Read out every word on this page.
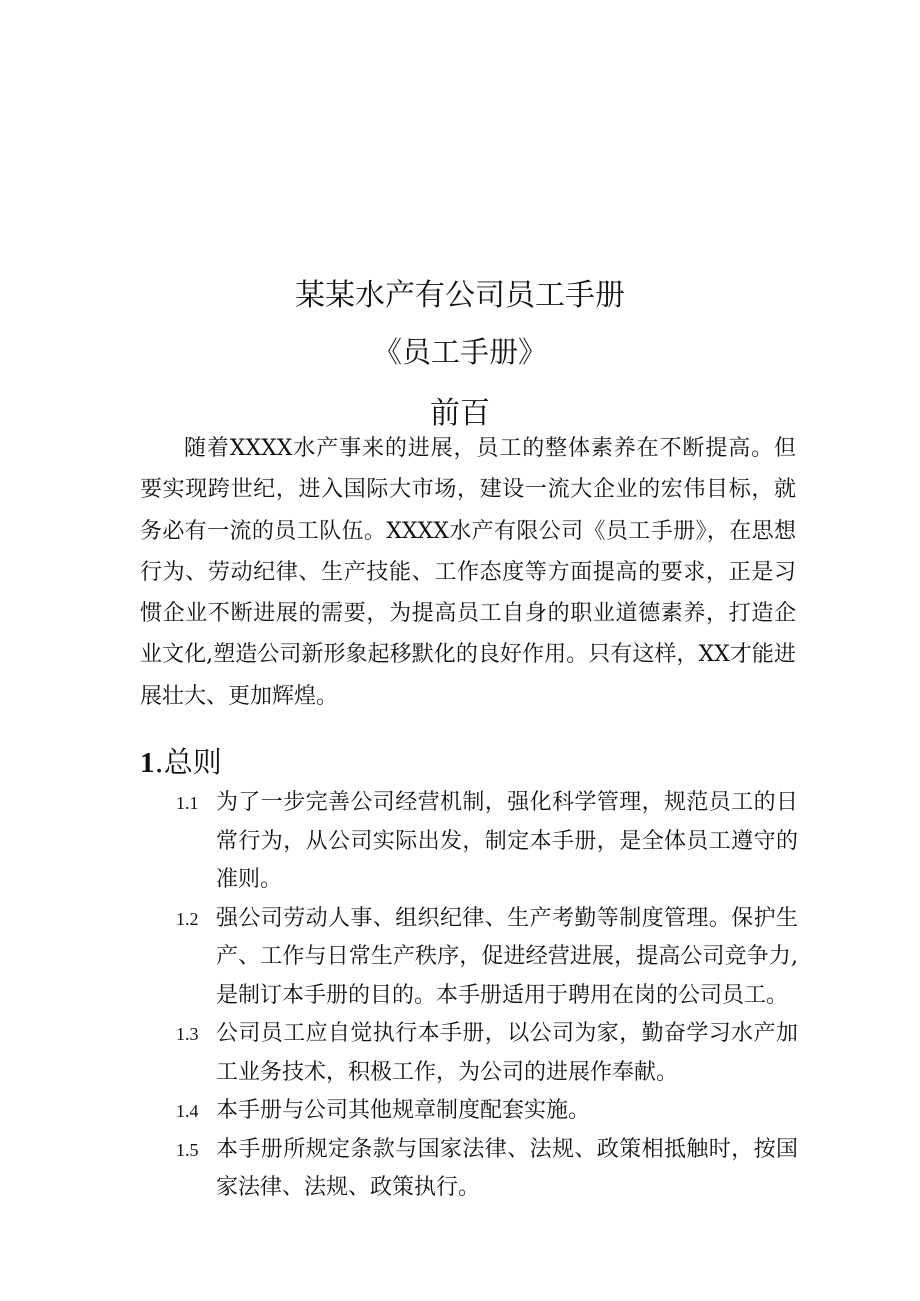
某某水产有公司员工手册
《员工手册》
前百

随着XXXX水产事来的进展，员工的整体素养在不断提高。但要实现跨世纪，进入国际大市场，建设一流大企业的宏伟目标，就务必有一流的员工队伍。XXXX水产有限公司《员工手册》，在思想行为、劳动纪律、生产技能、工作态度等方面提高的要求，正是习惯企业不断进展的需要，为提高员工自身的职业道德素养，打造企业文化,塑造公司新形象起移默化的良好作用。只有这样，XX才能进展壮大、更加辉煌。

1.总则
1.1 为了一步完善公司经营机制，强化科学管理，规范员工的日常行为，从公司实际出发，制定本手册，是全体员工遵守的准则。
1.2 强公司劳动人事、组织纪律、生产考勤等制度管理。保护生产、工作与日常生产秩序，促进经营进展，提高公司竞争力,是制订本手册的目的。本手册适用于聘用在岗的公司员工。
1.3 公司员工应自觉执行本手册，以公司为家，勤奋学习水产加工业务技术，积极工作，为公司的进展作奉献。
1.4 本手册与公司其他规章制度配套实施。
1.5 本手册所规定条款与国家法律、法规、政策相抵触时，按国家法律、法规、政策执行。
